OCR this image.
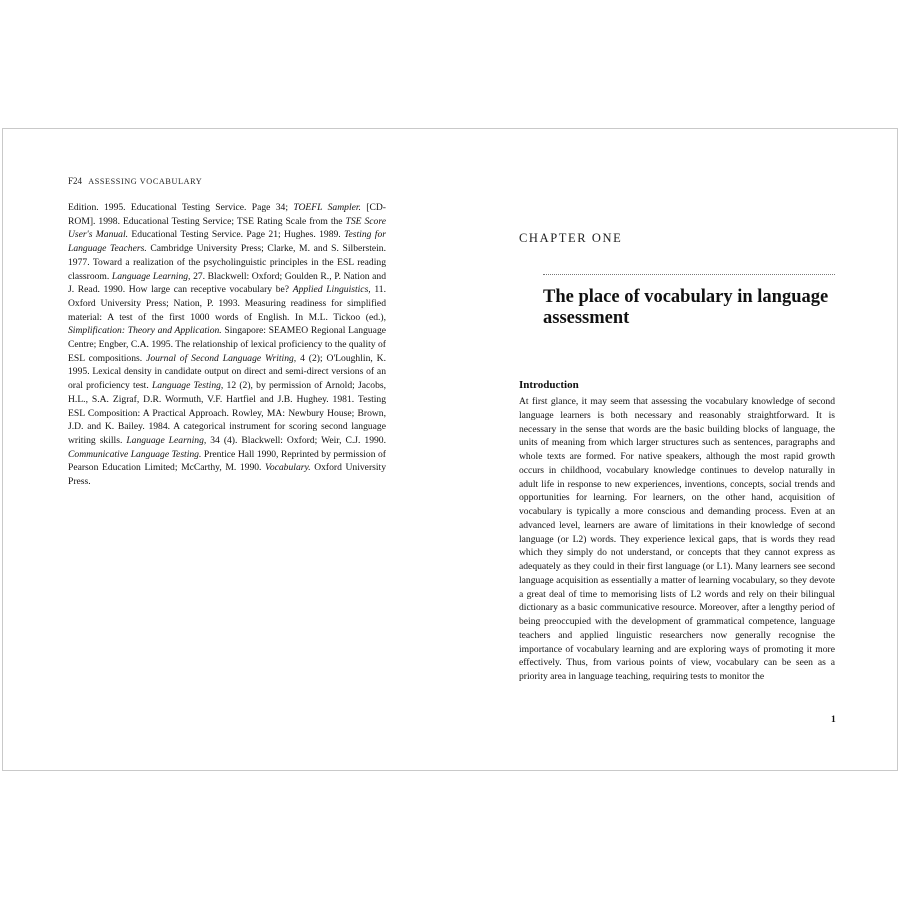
F24 ASSESSING VOCABULARY

Edition. 1995. Educational Testing Service. Page 34; TOEFL Sampler. [CD-ROM]. 1998. Educational Testing Service; TSE Rating Scale from the TSE Score User's Manual. Educational Testing Service. Page 21; Hughes. 1989. Testing for Language Teachers. Cambridge University Press; Clarke, M. and S. Silberstein. 1977. Toward a realization of the psycholinguistic principles in the ESL reading classroom. Language Learning, 27. Blackwell: Oxford; Goulden R., P. Nation and J. Read. 1990. How large can receptive vocabulary be? Applied Linguistics, 11. Oxford University Press; Nation, P. 1993. Measuring readiness for simplified material: A test of the first 1000 words of English. In M.L. Tickoo (ed.), Simplification: Theory and Application. Singapore: SEAMEO Regional Language Centre; Engber, C.A. 1995. The relationship of lexical proficiency to the quality of ESL compositions. Journal of Second Language Writing, 4 (2); O'Loughlin, K. 1995. Lexical density in candidate output on direct and semi-direct versions of an oral proficiency test. Language Testing, 12 (2), by permission of Arnold; Jacobs, H.L., S.A. Zigraf, D.R. Wormuth, V.F. Hartfiel and J.B. Hughey. 1981. Testing ESL Composition: A Practical Approach. Rowley, MA: Newbury House; Brown, J.D. and K. Bailey. 1984. A categorical instrument for scoring second language writing skills. Language Learning, 34 (4). Blackwell: Oxford; Weir, C.J. 1990. Communicative Language Testing. Prentice Hall 1990, Reprinted by permission of Pearson Education Limited; McCarthy, M. 1990. Vocabulary. Oxford University Press.

CHAPTER ONE
The place of vocabulary in language assessment
Introduction
At first glance, it may seem that assessing the vocabulary knowledge of second language learners is both necessary and reasonably straightforward. It is necessary in the sense that words are the basic building blocks of language, the units of meaning from which larger structures such as sentences, paragraphs and whole texts are formed. For native speakers, although the most rapid growth occurs in childhood, vocabulary knowledge continues to develop naturally in adult life in response to new experiences, inventions, concepts, social trends and opportunities for learning. For learners, on the other hand, acquisition of vocabulary is typically a more conscious and demanding process. Even at an advanced level, learners are aware of limitations in their knowledge of second language (or L2) words. They experience lexical gaps, that is words they read which they simply do not understand, or concepts that they cannot express as adequately as they could in their first language (or L1). Many learners see second language acquisition as essentially a matter of learning vocabulary, so they devote a great deal of time to memorising lists of L2 words and rely on their bilingual dictionary as a basic communicative resource. Moreover, after a lengthy period of being preoccupied with the development of grammatical competence, language teachers and applied linguistic researchers now generally recognise the importance of vocabulary learning and are exploring ways of promoting it more effectively. Thus, from various points of view, vocabulary can be seen as a priority area in language teaching, requiring tests to monitor the
1
